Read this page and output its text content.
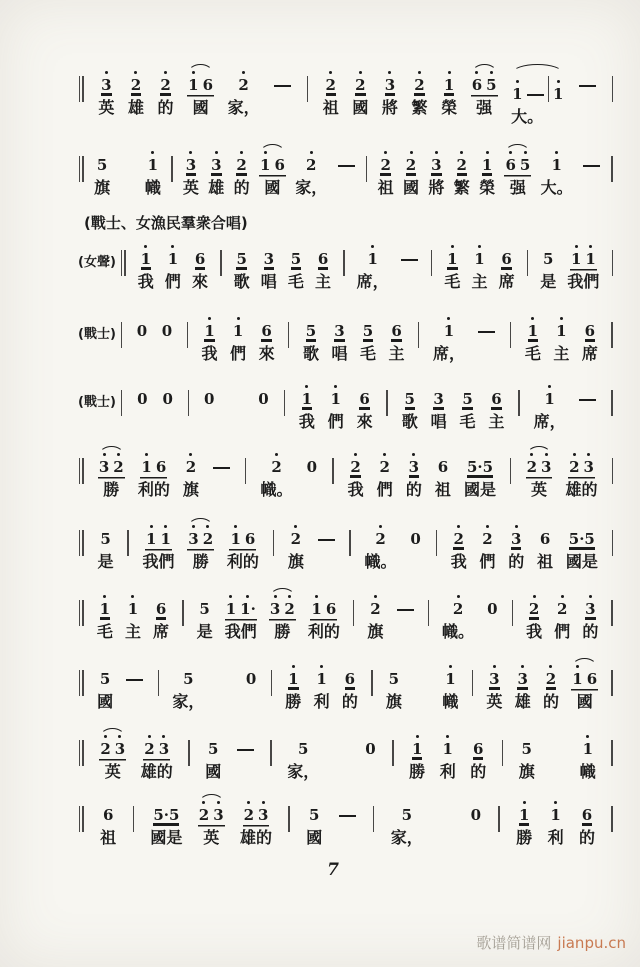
(戰士、女漁民羣衆合唱)
7
歌谱简谱网 jianpu.cn
3
英
2
雄
2
的
1 6
國
2
家，
2
祖
2
國
3
將
2
繁
1
榮
6 5
强
1 1
大。
5
旗
1
幟
3
英
3
雄
2
的
1 6
國
2
家，
2
祖
2
國
3
將
2
繁
1
榮
6 5
强
1
大。
(女聲) 1
我
1
們
6
來
5
歌
3
唱
5
毛
6
主
1
席，
1
毛
1
主
6
席
5
是
1 1
我們
(戰士) 0 0 1
我
1
們
6
來
5
歌
3
唱
5
毛
6
主
1
席，
1
毛
1
主
6
席
(戰士) 0 0 0	0 1
我
1
們
6
來
5
歌
3
唱
5
毛
6
主
1
席，
3 2
勝
1 6
利的
2
旗
2
幟。
0 2
我
2
們
3
的
6
祖
5·5
國是
2 3
英
2 3
雄的
5
是
1 1
我們
3 2
勝
1 6
利的
2
旗
2
幟。
0 2
我
2
們
3
的
6
祖
5·5
國是
1
毛
1
主
6
席
5
是
1 1·
我們
3 2
勝
1 6
利的
2
旗
2
幟。
0 2
我
2
們
3
的
5
國
5
家，
0 1
勝
1
利
6
的
5
旗
1
幟
3
英
3
雄
2
的
1 6
國
2 3
英
2 3
雄的
5
國
5
家，
0 1
勝
1
利
6
的
5
旗
1
幟
6
祖
5·5
國是
2 3
英
2 3
雄的
5
國
5
家，
0	1
勝
1
利
6
的
